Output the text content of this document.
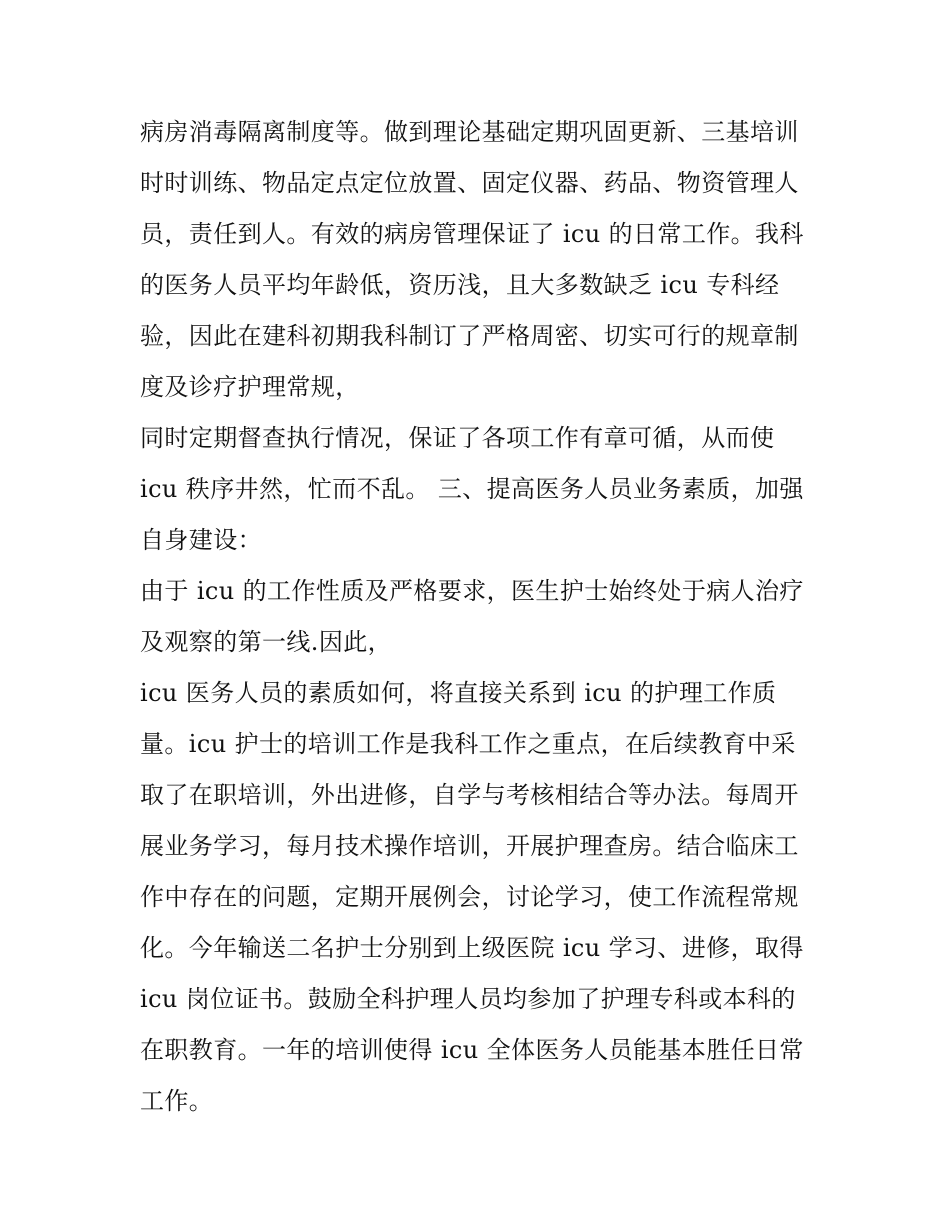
病房消毒隔离制度等。做到理论基础定期巩固更新、三基培训
时时训练、物品定点定位放置、固定仪器、药品、物资管理人
员，责任到人。有效的病房管理保证了 icu 的日常工作。我科
的医务人员平均年龄低，资历浅，且大多数缺乏 icu 专科经
验，因此在建科初期我科制订了严格周密、切实可行的规章制
度及诊疗护理常规，
同时定期督查执行情况，保证了各项工作有章可循，从而使
icu 秩序井然，忙而不乱。 三、提高医务人员业务素质，加强
自身建设：
由于 icu 的工作性质及严格要求，医生护士始终处于病人治疗
及观察的第一线.因此，
icu 医务人员的素质如何，将直接关系到 icu 的护理工作质
量。icu 护士的培训工作是我科工作之重点，在后续教育中采
取了在职培训，外出进修，自学与考核相结合等办法。每周开
展业务学习，每月技术操作培训，开展护理查房。结合临床工
作中存在的问题，定期开展例会，讨论学习，使工作流程常规
化。今年输送二名护士分别到上级医院 icu 学习、进修，取得
icu 岗位证书。鼓励全科护理人员均参加了护理专科或本科的
在职教育。一年的培训使得 icu 全体医务人员能基本胜任日常
工作。
